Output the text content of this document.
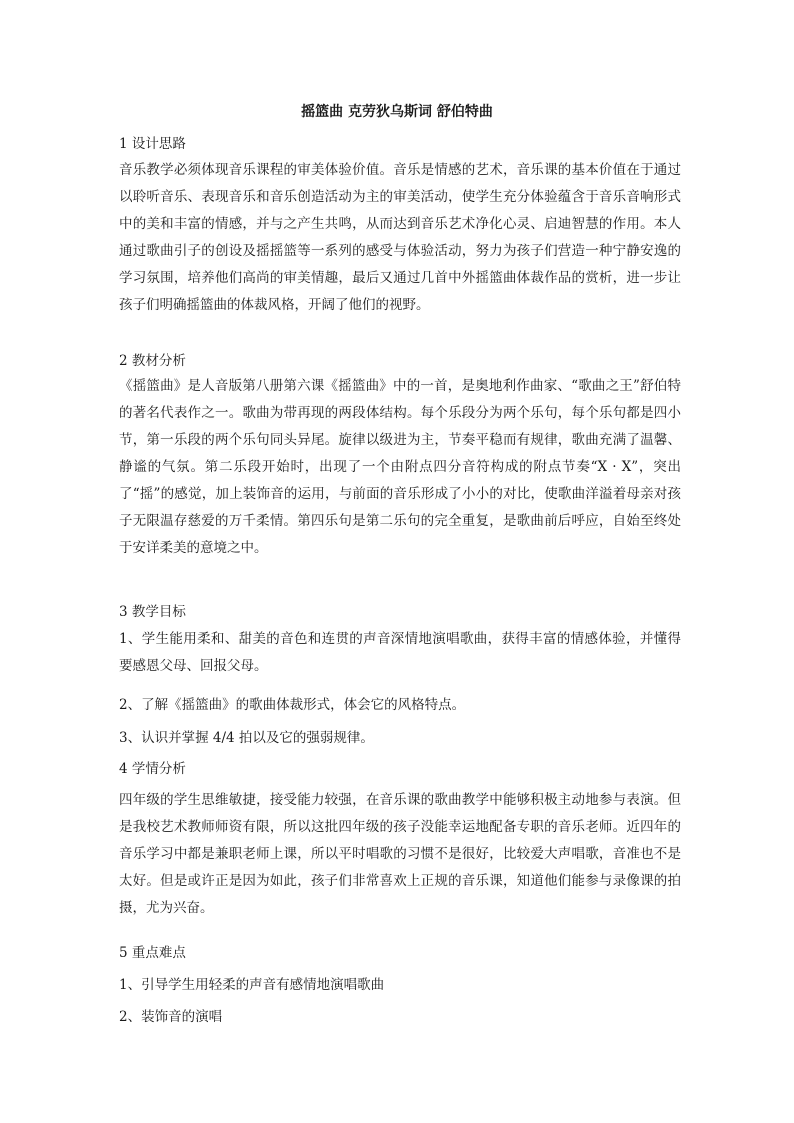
摇篮曲 克劳狄乌斯词 舒伯特曲
1 设计思路

音乐教学必须体现音乐课程的审美体验价值。音乐是情感的艺术，音乐课的基本价值在于通过以聆听音乐、表现音乐和音乐创造活动为主的审美活动，使学生充分体验蕴含于音乐音响形式中的美和丰富的情感，并与之产生共鸣，从而达到音乐艺术净化心灵、启迪智慧的作用。本人通过歌曲引子的创设及摇摇篮等一系列的感受与体验活动，努力为孩子们营造一种宁静安逸的学习氛围，培养他们高尚的审美情趣，最后又通过几首中外摇篮曲体裁作品的赏析，进一步让孩子们明确摇篮曲的体裁风格，开阔了他们的视野。

2 教材分析

《摇篮曲》是人音版第八册第六课《摇篮曲》中的一首，是奥地利作曲家、“歌曲之王”舒伯特的著名代表作之一。歌曲为带再现的两段体结构。每个乐段分为两个乐句，每个乐句都是四小节，第一乐段的两个乐句同头异尾。旋律以级进为主，节奏平稳而有规律，歌曲充满了温馨、静谧的气氛。第二乐段开始时，出现了一个由附点四分音符构成的附点节奏“X · X”，突出了“摇”的感觉，加上装饰音的运用，与前面的音乐形成了小小的对比，使歌曲洋溢着母亲对孩子无限温存慈爱的万千柔情。第四乐句是第二乐句的完全重复，是歌曲前后呼应，自始至终处于安详柔美的意境之中。

3 教学目标

1、学生能用柔和、甜美的音色和连贯的声音深情地演唱歌曲，获得丰富的情感体验，并懂得要感恩父母、回报父母。

2、了解《摇篮曲》的歌曲体裁形式，体会它的风格特点。
3、认识并掌握 4/4 拍以及它的强弱规律。
4 学情分析

四年级的学生思维敏捷，接受能力较强，在音乐课的歌曲教学中能够积极主动地参与表演。但是我校艺术教师师资有限，所以这批四年级的孩子没能幸运地配备专职的音乐老师。近四年的音乐学习中都是兼职老师上课，所以平时唱歌的习惯不是很好，比较爱大声唱歌，音准也不是太好。但是或许正是因为如此，孩子们非常喜欢上正规的音乐课，知道他们能参与录像课的拍摄，尤为兴奋。

5 重点难点
1、引导学生用轻柔的声音有感情地演唱歌曲
2、装饰音的演唱
